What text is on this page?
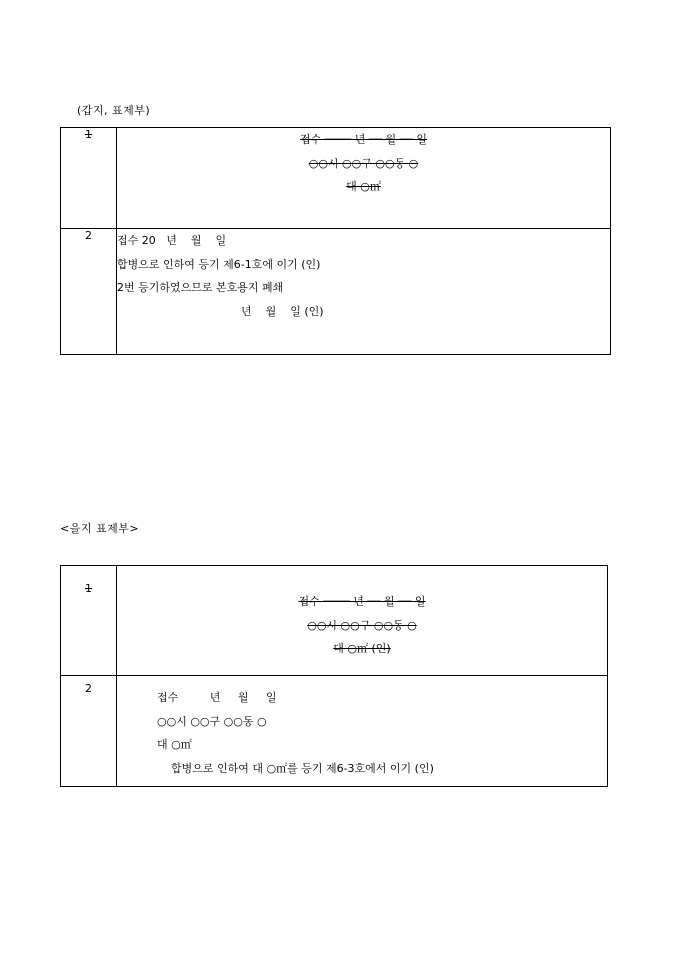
(갑지, 표제부)
1	접수 ──── 년 ── 월 ── 일
○○시 ○○구 ○○동 ○
대 ○㎡

2	접수 20   년    월    일
합병으로 인하여 등기 제6-1호에 이기 (인)
2번 등기하였으므로 본호용지 폐쇄
년    월    일 (인)
<을지 표제부>
1	접수 ──── 년 ── 월 ── 일
○○시 ○○구 ○○동 ○
대 ○㎡ (인)

2	접수         년     월     일
○○시 ○○구 ○○동 ○
대 ○㎡
합병으로 인하여 대 ○㎡를 등기 제6-3호에서 이기 (인)
